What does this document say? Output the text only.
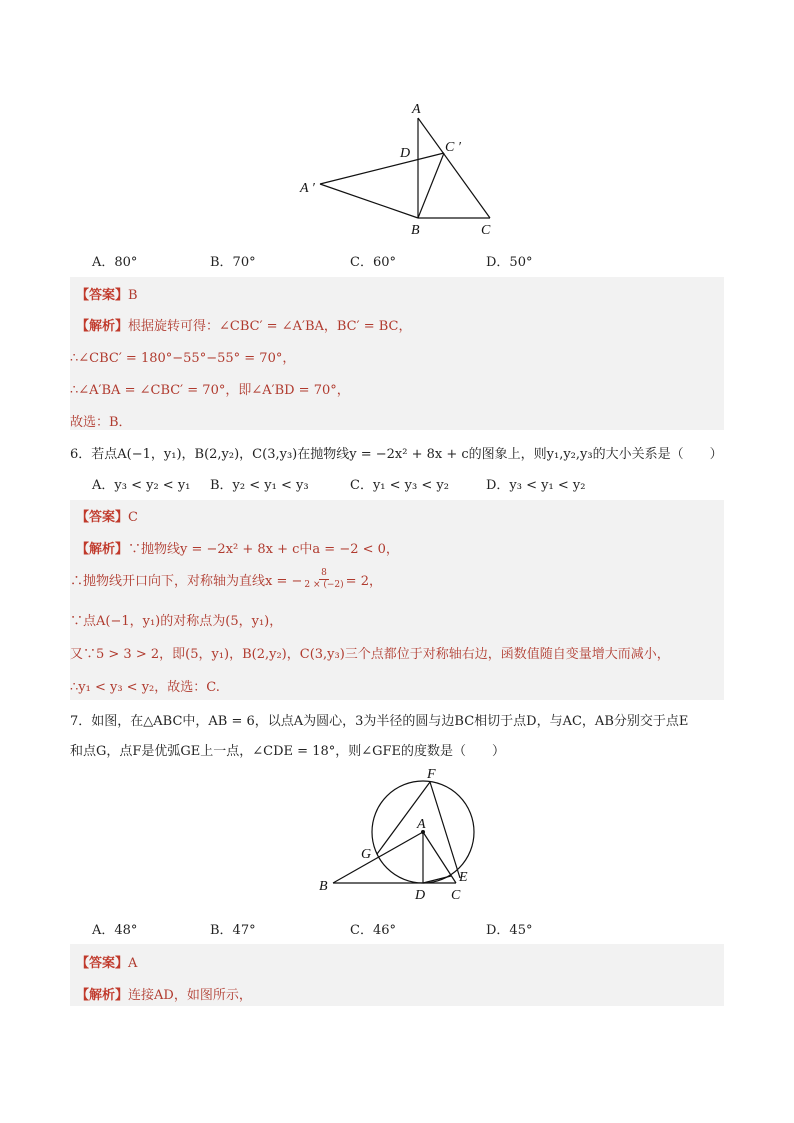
A
D C ′
A ′
B	C
A．80°	B．70°	C．60°	D．50°
【答案】B
【解析】根据旋转可得：∠CBC′ = ∠A′BA，BC′ = BC，
∴∠CBC′ = 180°−55°−55° = 70°，
∴∠A′BA = ∠CBC′ = 70°，即∠A′BD = 70°，
故选：B．
6．若点A(−1，y₁)，B(2,y₂)，C(3,y₃)在抛物线y = −2x² + 8x + c的图象上，则y₁,y₂,y₃的大小关系是（　　）
A．y₃ < y₂ < y₁	B．y₂ < y₁ < y₃	C．y₁ < y₃ < y₂	D．y₃ < y₁ < y₂
【答案】C
【解析】∵抛物线y = −2x² + 8x + c中a = −2 < 0，
∴抛物线开口向下，对称轴为直线x = − $\frac{8}{2 \times (-2)} = 2$，
∵点A(−1，y₁)的对称点为(5，y₁)，
又∵5 > 3 > 2，即(5，y₁)，B(2,y₂)，C(3,y₃)三个点都位于对称轴右边，函数值随自变量增大而减小，
∴y₁ < y₃ < y₂，故选：C.
7．如图，在△ABC中，AB = 6，以点A为圆心，3为半径的圆与边BC相切于点D，与AC，AB分别交于点E
和点G，点F是优弧GE上一点，∠CDE = 18°，则∠GFE的度数是（　　）
F
A
G
B
D
E
C
A．48°	B．47°	C．46°	D．45°
【答案】A
【解析】连接AD，如图所示，
